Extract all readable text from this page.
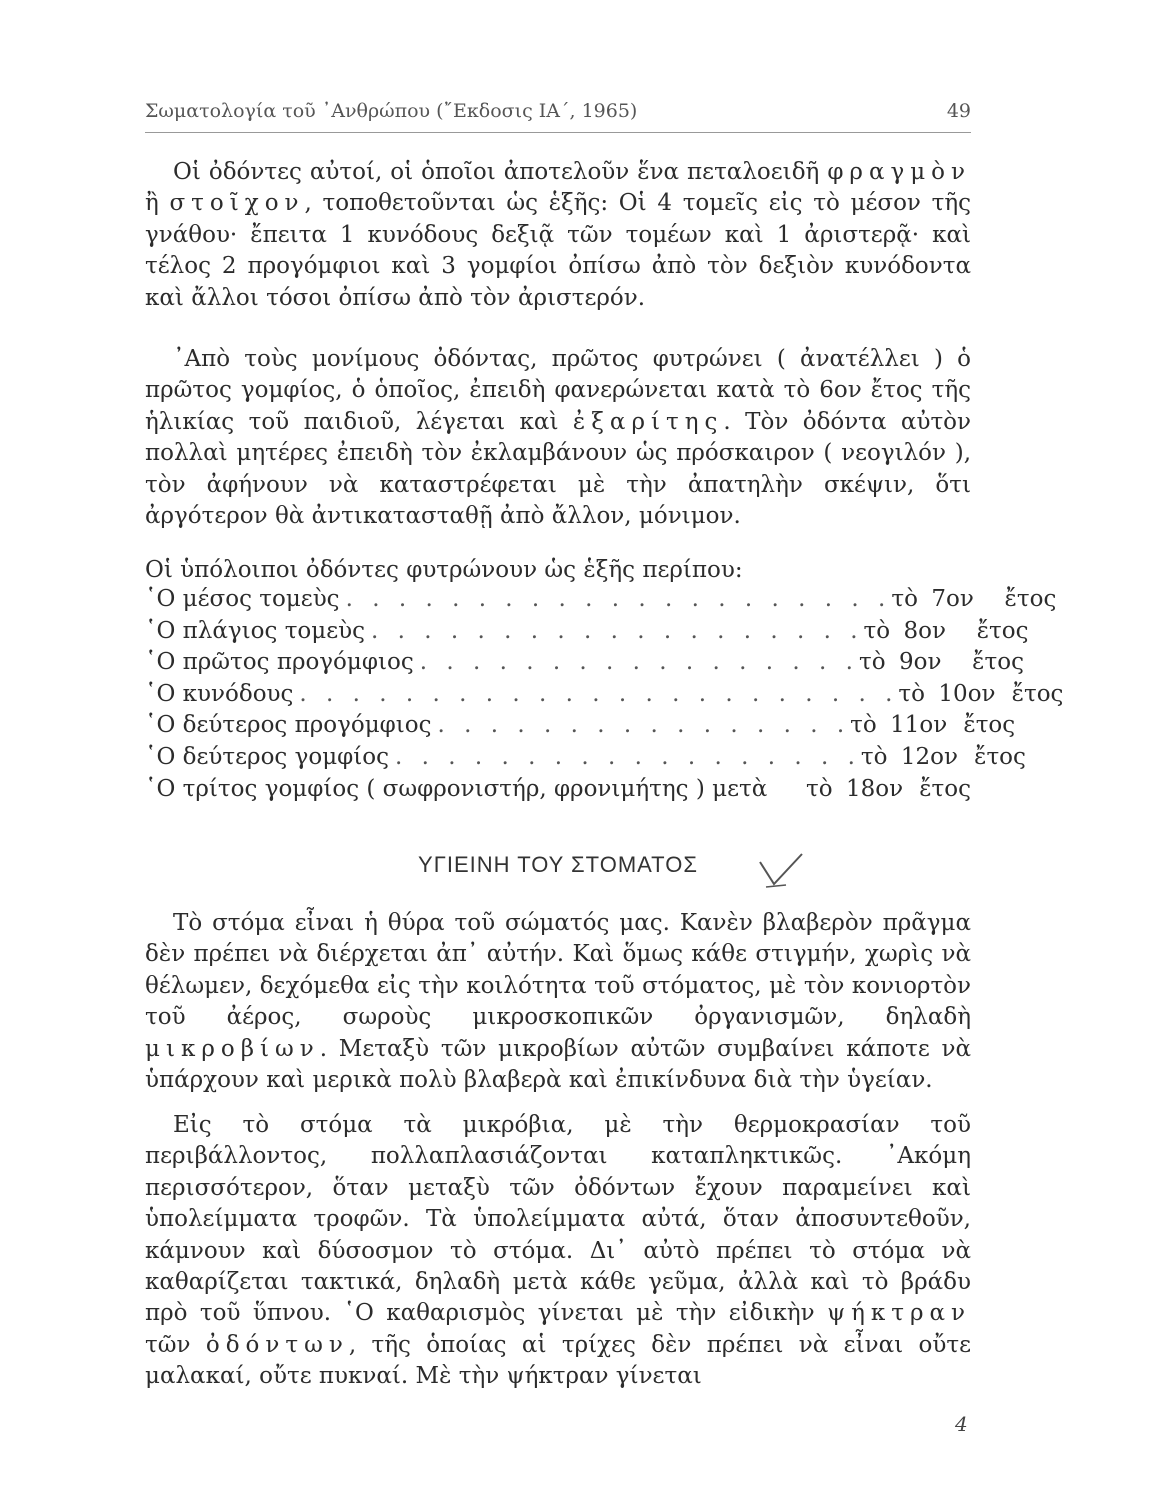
Σωματολογία τοῦ ᾿Ανθρώπου (῎Εκδοσις ΙΑ΄, 1965)	49

Οἱ ὀδόντες αὐτοί, οἱ ὁποῖοι ἀποτελοῦν ἕνα πεταλοειδῆ φραγμὸν ἢ στοῖχον, τοποθετοῦνται ὡς ἑξῆς: Οἱ 4 τομεῖς εἰς τὸ μέσον τῆς γνάθου· ἔπειτα 1 κυνόδους δεξιᾷ τῶν τομέων καὶ 1 ἀριστερᾷ· καὶ τέλος 2 προγόμφιοι καὶ 3 γομφίοι ὀπίσω ἀπὸ τὸν δεξιὸν κυνόδοντα καὶ ἄλλοι τόσοι ὀπίσω ἀπὸ τὸν ἀριστερόν.

᾿Απὸ τοὺς μονίμους ὀδόντας, πρῶτος φυτρώνει ( ἀνατέλλει ) ὁ πρῶτος γομφίος, ὁ ὁποῖος, ἐπειδὴ φανερώνεται κατὰ τὸ 6ον ἔτος τῆς ἡλικίας τοῦ παιδιοῦ, λέγεται καὶ ἐξαρίτης. Τὸν ὀδόντα αὐτὸν πολλαὶ μητέρες ἐπειδὴ τὸν ἐκλαμβάνουν ὡς πρόσκαιρον ( νεογιλόν ), τὸν ἀφήνουν νὰ καταστρέφεται μὲ τὴν ἀπατηλὴν σκέψιν, ὅτι ἀργότερον θὰ ἀντικατασταθῇ ἀπὸ ἄλλον, μόνιμον.

Οἱ ὑπόλοιποι ὀδόντες φυτρώνουν ὡς ἑξῆς περίπου:

῾Ο μέσος τομεὺς . . . . . . . . . . . . . . . . . . . . . τὸ 7ον	ἔτος
῾Ο πλάγιος τομεὺς . . . . . . . . . . . . . . . . . . . τὸ 8ον	ἔτος
῾Ο πρῶτος προγόμφιος . . . . . . . . . . . . . . . . . τὸ 9ον	ἔτος
῾Ο κυνόδους . . . . . . . . . . . . . . . . . . . . . . . τὸ 10ον ἔτος
῾Ο δεύτερος προγόμφιος . . . . . . . . . . . . . . . . τὸ 11ον ἔτος
῾Ο δεύτερος γομφίος . . . . . . . . . . . . . . . . . . τὸ 12ον ἔτος
῾Ο τρίτος γομφίος ( σωφρονιστήρ, φρονιμήτης ) μετὰ τὸ 18ον ἔτος
ΥΓΙΕΙΝΗ ΤΟΥ ΣΤΟΜΑΤΟΣ

Τὸ στόμα εἶναι ἡ θύρα τοῦ σώματός μας. Κανὲν βλαβερὸν πρᾶγμα δὲν πρέπει νὰ διέρχεται ἀπ᾿ αὐτήν. Καὶ ὅμως κάθε στιγμήν, χωρὶς νὰ θέλωμεν, δεχόμεθα εἰς τὴν κοιλότητα τοῦ στόματος, μὲ τὸν κονιορτὸν τοῦ ἀέρος, σωροὺς μικροσκοπικῶν ὀργανισμῶν, δηλαδὴ μικροβίων. Μεταξὺ τῶν μικροβίων αὐτῶν συμβαίνει κάποτε νὰ ὑπάρχουν καὶ μερικὰ πολὺ βλαβερὰ καὶ ἐπικίνδυνα διὰ τὴν ὑγείαν.

Εἰς τὸ στόμα τὰ μικρόβια, μὲ τὴν θερμοκρασίαν τοῦ περιβάλλοντος, πολλαπλασιάζονται καταπληκτικῶς. ᾿Ακόμη περισσότερον, ὅταν μεταξὺ τῶν ὀδόντων ἔχουν παραμείνει καὶ ὑπολείμματα τροφῶν. Τὰ ὑπολείμματα αὐτά, ὅταν ἀποσυντεθοῦν, κάμνουν καὶ δύσοσμον τὸ στόμα. Δι᾿ αὐτὸ πρέπει τὸ στόμα νὰ καθαρίζεται τακτικά, δηλαδὴ μετὰ κάθε γεῦμα, ἀλλὰ καὶ τὸ βράδυ πρὸ τοῦ ὕπνου. ῾Ο καθαρισμὸς γίνεται μὲ τὴν εἰδικὴν ψήκτραν τῶν ὀδόντων, τῆς ὁποίας αἱ τρίχες δὲν πρέπει νὰ εἶναι οὔτε μαλακαί, οὔτε πυκναί. Μὲ τὴν ψήκτραν γίνεται

4
